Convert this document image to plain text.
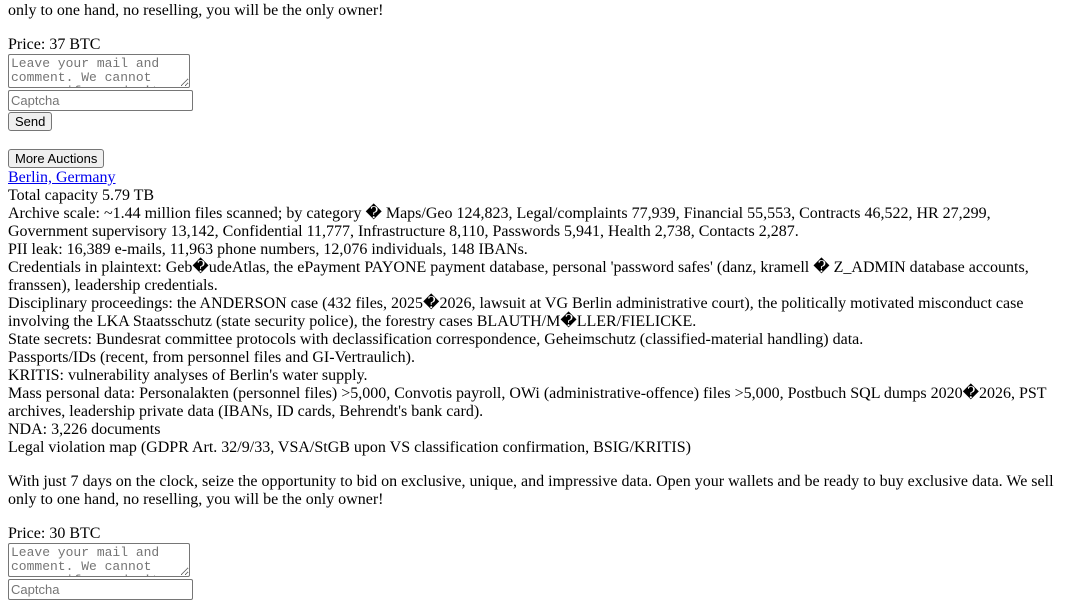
only to one hand, no reselling, you will be the only owner!

Price: 37 BTC

Leave your mail and comment. We cannot answer if you don't leave your mail.
Captcha
Send
More Auctions
Berlin, Germany

Total capacity 5.79 TB

Archive scale: ~1.44 million files scanned; by category � Maps/Geo 124,823, Legal/complaints 77,939, Financial 55,553, Contracts 46,522, HR 27,299, Government supervisory 13,142, Confidential 11,777, Infrastructure 8,110, Passwords 5,941, Health 2,738, Contacts 2,287.

PII leak: 16,389 e-mails, 11,963 phone numbers, 12,076 individuals, 148 IBANs.

Credentials in plaintext: Geb�udeAtlas, the ePayment PAYONE payment database, personal 'password safes' (danz, kramell � Z_ADMIN database accounts, franssen), leadership credentials.

Disciplinary proceedings: the ANDERSON case (432 files, 2025�2026, lawsuit at VG Berlin administrative court), the politically motivated misconduct case involving the LKA Staatsschutz (state security police), the forestry cases BLAUTH/M�LLER/FIELICKE.

State secrets: Bundesrat committee protocols with declassification correspondence, Geheimschutz (classified-material handling) data.

Passports/IDs (recent, from personnel files and GI-Vertraulich).

KRITIS: vulnerability analyses of Berlin's water supply.

Mass personal data: Personalakten (personnel files) >5,000, Convotis payroll, OWi (administrative-offence) files >5,000, Postbuch SQL dumps 2020�2026, PST archives, leadership private data (IBANs, ID cards, Behrendt's bank card).

NDA: 3,226 documents

Legal violation map (GDPR Art. 32/9/33, VSA/StGB upon VS classification confirmation, BSIG/KRITIS)

With just 7 days on the clock, seize the opportunity to bid on exclusive, unique, and impressive data. Open your wallets and be ready to buy exclusive data. We sell only to one hand, no reselling, you will be the only owner!

Price: 30 BTC

Leave your mail and comment. We cannot answer if you don't leave your mail.
Captcha
